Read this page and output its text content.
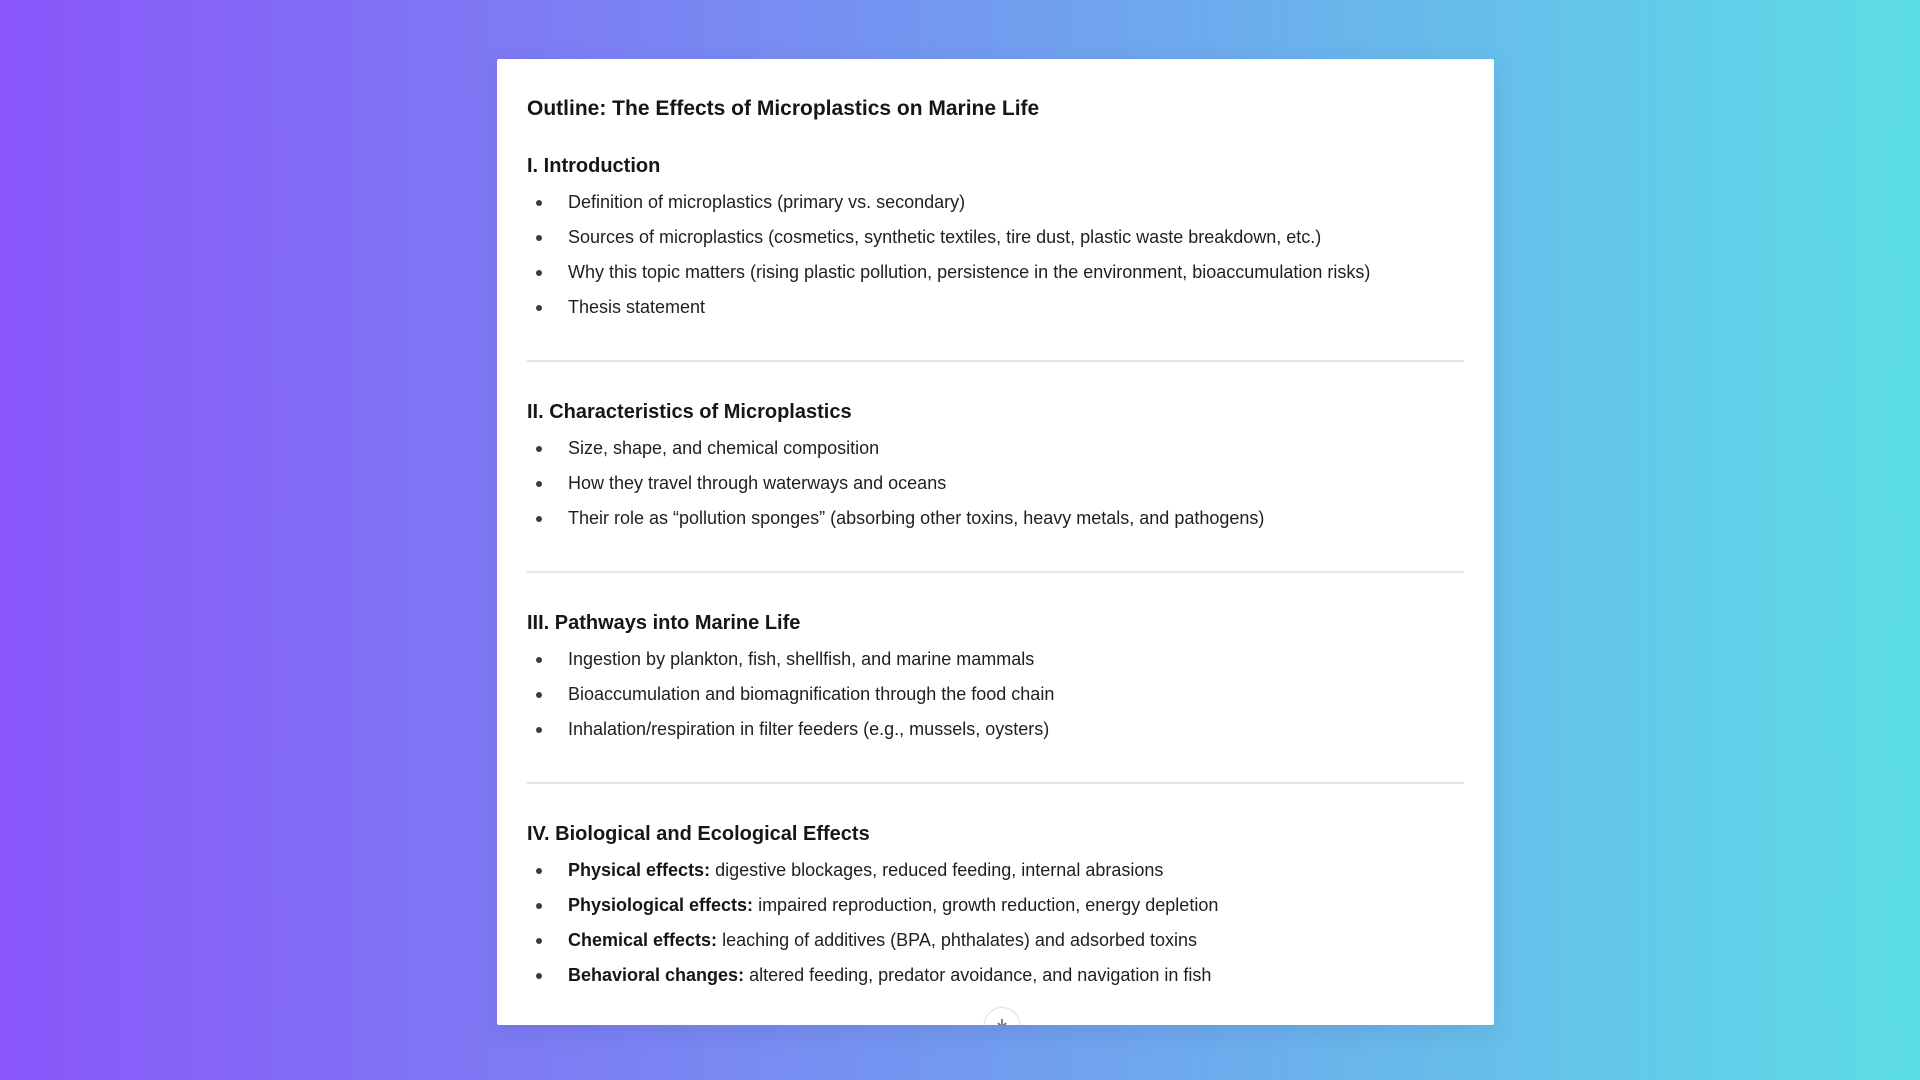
Outline: The Effects of Microplastics on Marine Life
I. Introduction
Definition of microplastics (primary vs. secondary)
Sources of microplastics (cosmetics, synthetic textiles, tire dust, plastic waste breakdown, etc.)
Why this topic matters (rising plastic pollution, persistence in the environment, bioaccumulation risks)
Thesis statement
II. Characteristics of Microplastics
Size, shape, and chemical composition
How they travel through waterways and oceans
Their role as “pollution sponges” (absorbing other toxins, heavy metals, and pathogens)
III. Pathways into Marine Life
Ingestion by plankton, fish, shellfish, and marine mammals
Bioaccumulation and biomagnification through the food chain
Inhalation/respiration in filter feeders (e.g., mussels, oysters)
IV. Biological and Ecological Effects
Physical effects: digestive blockages, reduced feeding, internal abrasions
Physiological effects: impaired reproduction, growth reduction, energy depletion
Chemical effects: leaching of additives (BPA, phthalates) and adsorbed toxins
Behavioral changes: altered feeding, predator avoidance, and navigation in fish
